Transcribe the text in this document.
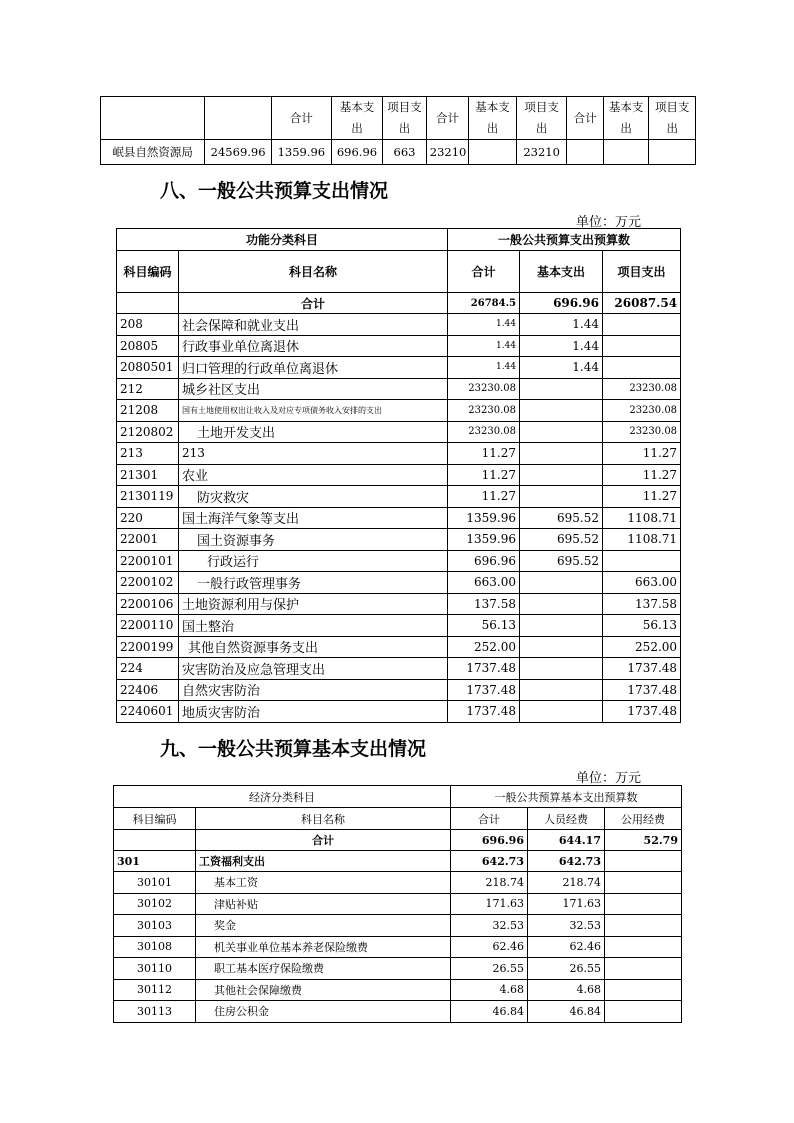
		合计	基本支出	项目支出	合计	基本支出	项目支出	合计	基本支出	项目支出
岷县自然资源局	24569.96	1359.96	696.96	663	23210		23210			
八、一般公共预算支出情况
单位：万元
功能分类科目		一般公共预算支出预算数		
科目编码	科目名称	合计	基本支出	项目支出
	合计	26784.5	696.96	26087.54
208	社会保障和就业支出	1.44	1.44	
20805	行政事业单位离退休	1.44	1.44	
2080501	归口管理的行政单位离退休	1.44	1.44	
212	城乡社区支出	23230.08		23230.08
21208	国有土地使用权出让收入及对应专项债务收入安排的支出	23230.08		23230.08
2120802	土地开发支出	23230.08		23230.08
213	213	11.27		11.27
21301	农业	11.27		11.27
2130119	防灾救灾	11.27		11.27
220	国土海洋气象等支出	1359.96	695.52	1108.71
22001	国土资源事务	1359.96	695.52	1108.71
2200101	行政运行	696.96	695.52	
2200102	一般行政管理事务	663.00		663.00
2200106	土地资源利用与保护	137.58		137.58
2200110	国土整治	56.13		56.13
2200199	其他自然资源事务支出	252.00		252.00
224	灾害防治及应急管理支出	1737.48		1737.48
22406	自然灾害防治	1737.48		1737.48
2240601	地质灾害防治	1737.48		1737.48
九、一般公共预算基本支出情况
单位：万元
经济分类科目		一般公共预算基本支出预算数		
科目编码	科目名称	合计	人员经费	公用经费
	合计	696.96	644.17	52.79
301	工资福利支出	642.73	642.73	
30101	基本工资	218.74	218.74	
30102	津贴补贴	171.63	171.63	
30103	奖金	32.53	32.53	
30108	机关事业单位基本养老保险缴费	62.46	62.46	
30110	职工基本医疗保险缴费	26.55	26.55	
30112	其他社会保障缴费	4.68	4.68	
30113	住房公积金	46.84	46.84	
